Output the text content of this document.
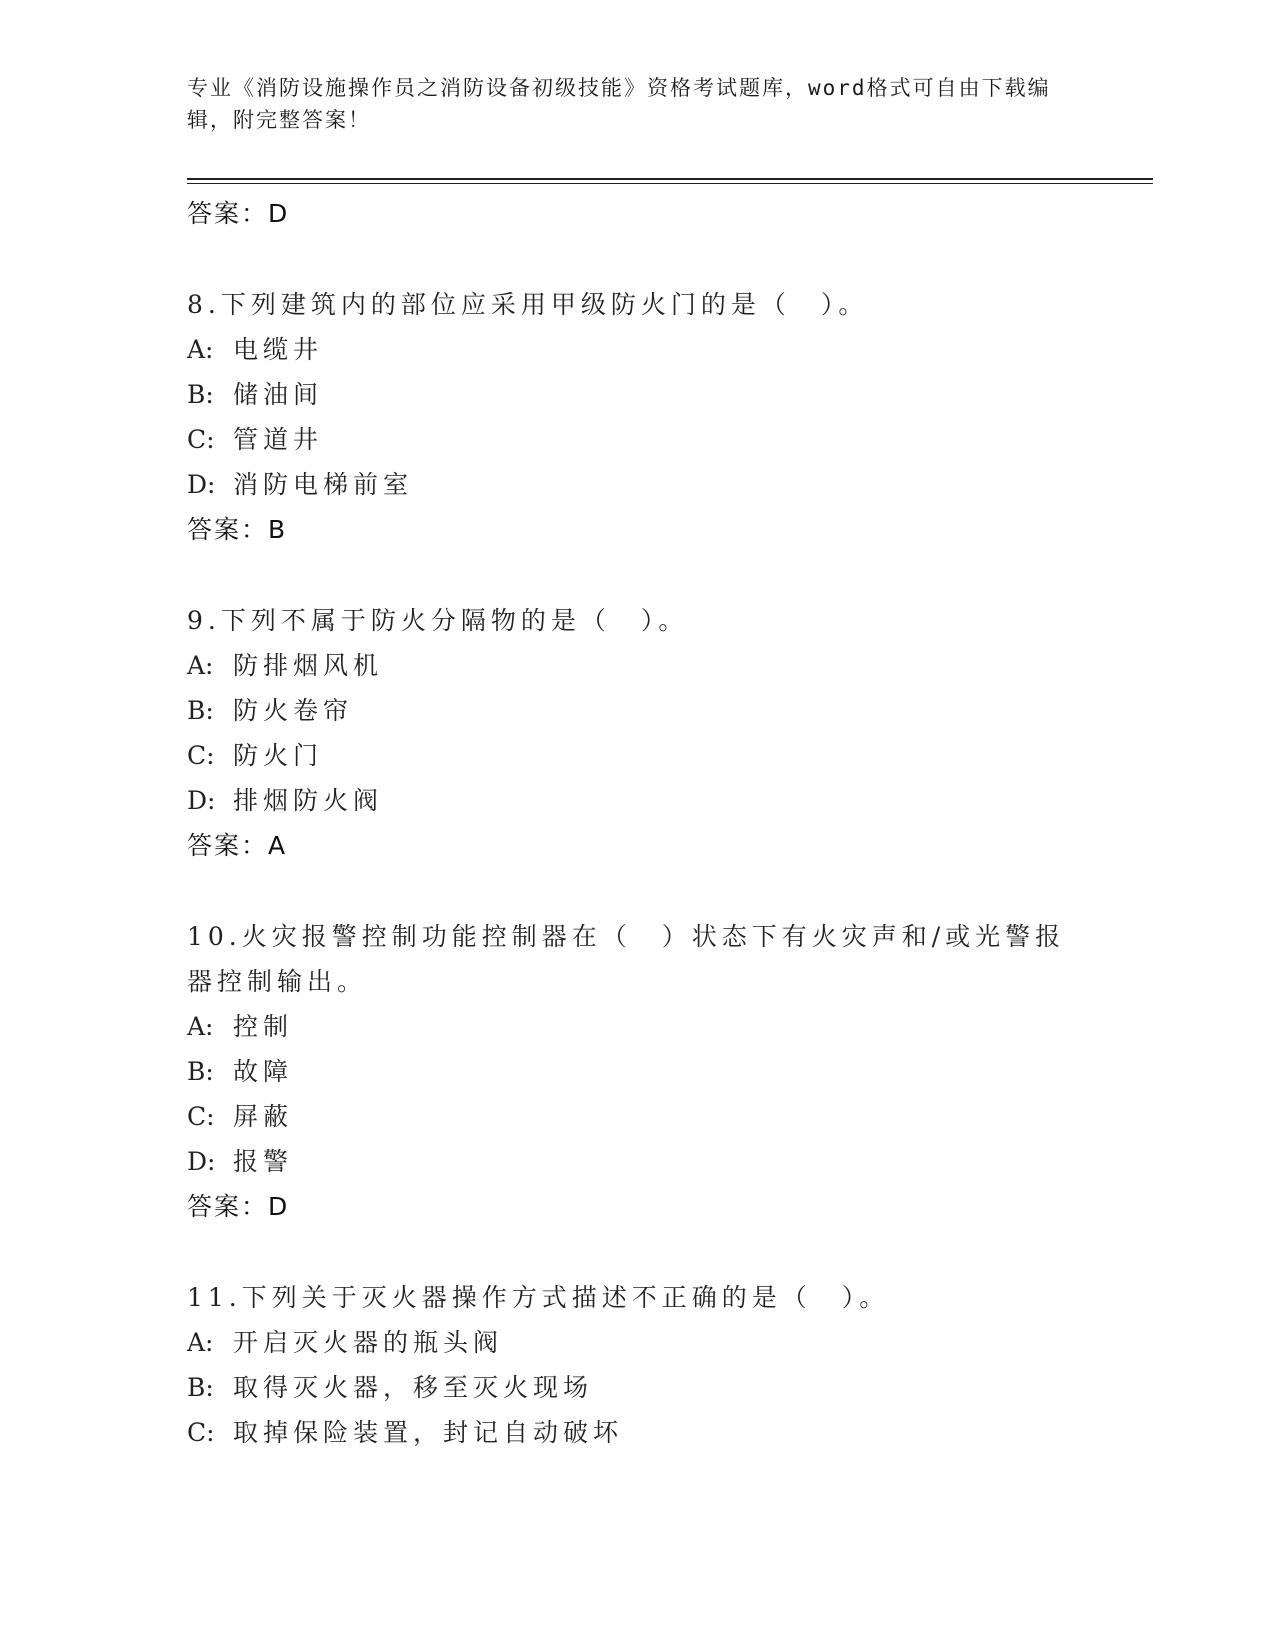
专业《消防设施操作员之消防设备初级技能》资格考试题库，word格式可自由下载编辑，附完整答案！
答案：D
8.下列建筑内的部位应采用甲级防火门的是（　）。
A: 电缆井
B: 储油间
C: 管道井
D: 消防电梯前室
答案：B
9.下列不属于防火分隔物的是（　）。
A: 防排烟风机
B: 防火卷帘
C: 防火门
D: 排烟防火阀
答案：A
10.火灾报警控制功能控制器在（　）状态下有火灾声和/或光警报器控制输出。
A: 控制
B: 故障
C: 屏蔽
D: 报警
答案：D
11.下列关于灭火器操作方式描述不正确的是（　）。
A: 开启灭火器的瓶头阀
B: 取得灭火器，移至灭火现场
C: 取掉保险装置，封记自动破坏
